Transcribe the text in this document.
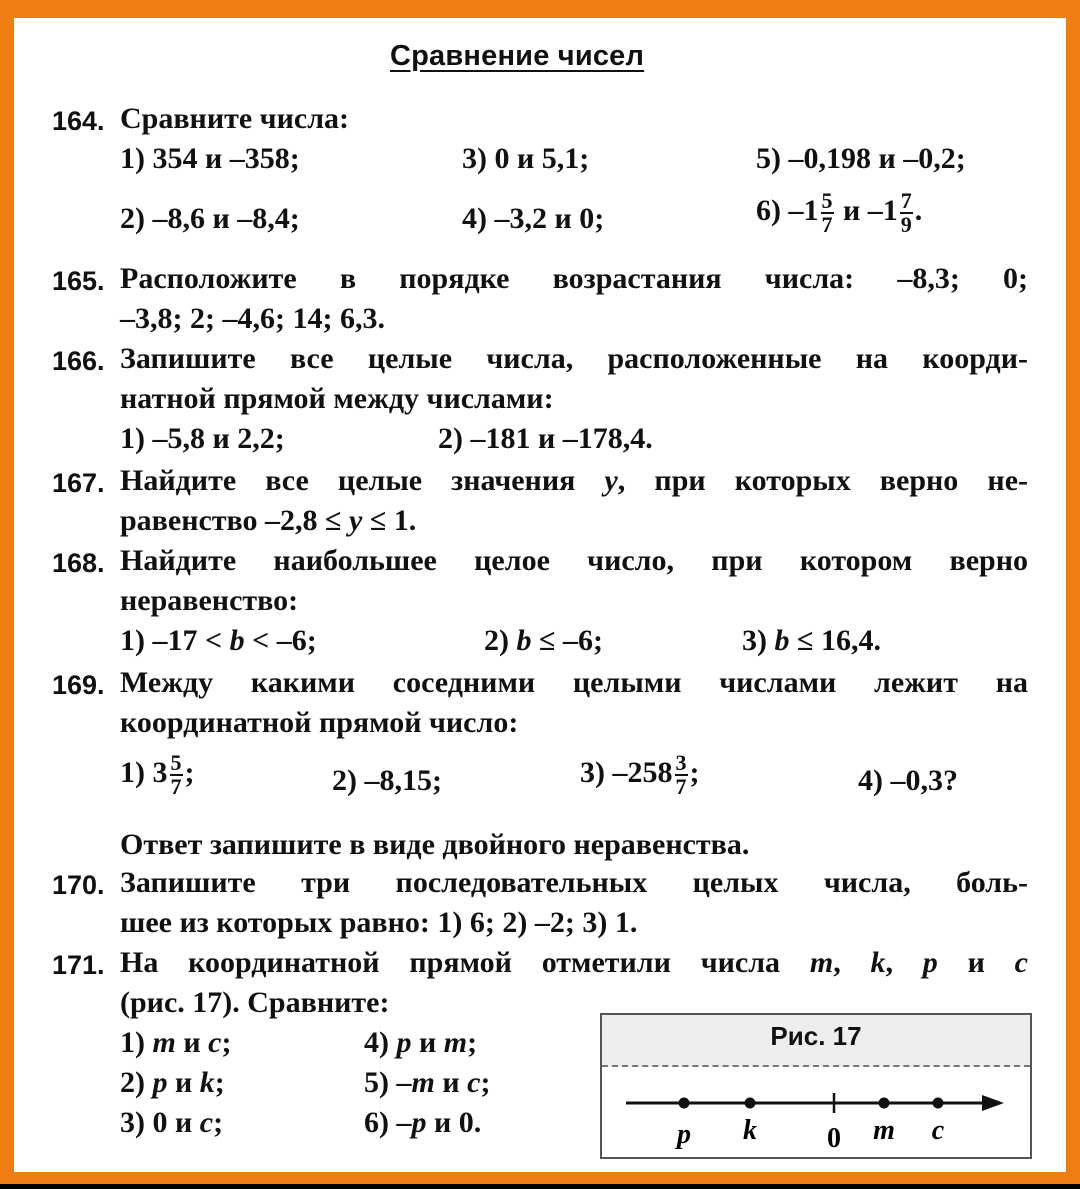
Сравнение чисел
164. Сравните числа:
1) 354 и –358;	3) 0 и 5,1;	5) –0,198 и –0,2;
2) –8,6 и –8,4;	4) –3,2 и 0;	6) $-1 \frac{5}{7}$ и $-1 \frac{7}{9}$ .
165. Расположите в порядке возрастания числа: –8,3; 0;
–3,8; 2; –4,6; 14; 6,3.
166. Запишите все целые числа, расположенные на коорди-
натной прямой между числами:
1) –5,8 и 2,2;	2) –181 и –178,4.
167. Найдите все целые значения y, при которых верно не-
равенство –2,8 ≤ y ≤ 1.
168. Найдите наибольшее целое число, при котором верно
неравенство:
1) –17 < b < –6;	2) b ≤ –6;	3) b ≤ 16,4.
169. Между какими соседними целыми числами лежит на
координатной прямой число:
1) $3 \frac{5}{7}$ ;	2) –8,15;	3) $-258 \frac{3}{7}$ ;	4) –0,3?
Ответ запишите в виде двойного неравенства.
170. Запишите три последовательных целых числа, боль-
шее из которых равно: 1) 6; 2) –2; 3) 1.
171. На координатной прямой отметили числа m, k, p и c
(рис. 17). Сравните:
1) m и c;	4) p и m;
2) p и k;	5) –m и c;
3) 0 и c;	6) –p и 0.
Рис. 17
p k	0 m c
